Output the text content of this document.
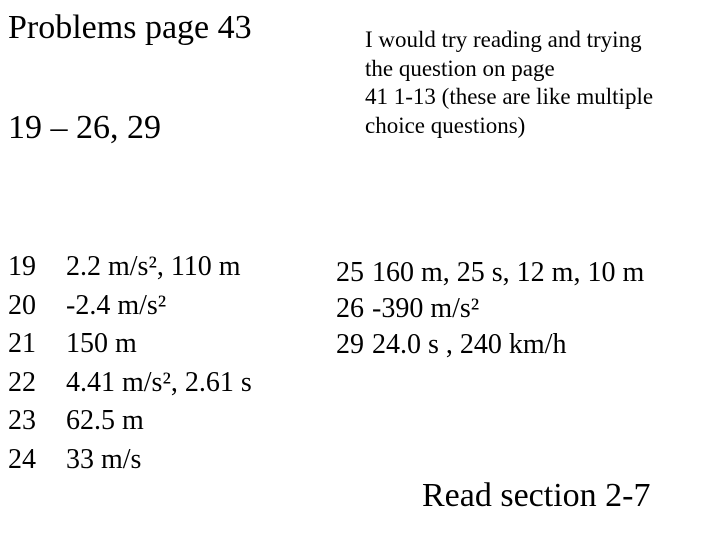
Problems page 43
19 – 26, 29
I would try reading and trying
the question on page
41 1-13 (these are like multiple
choice questions)
19	2.2 m/s², 110 m
20	-2.4 m/s²
21	150 m
22	4.41 m/s², 2.61 s
23	62.5 m
24	33 m/s
25 160 m, 25 s, 12 m, 10 m
26 -390 m/s²
29 24.0 s , 240 km/h
Read section 2-7
